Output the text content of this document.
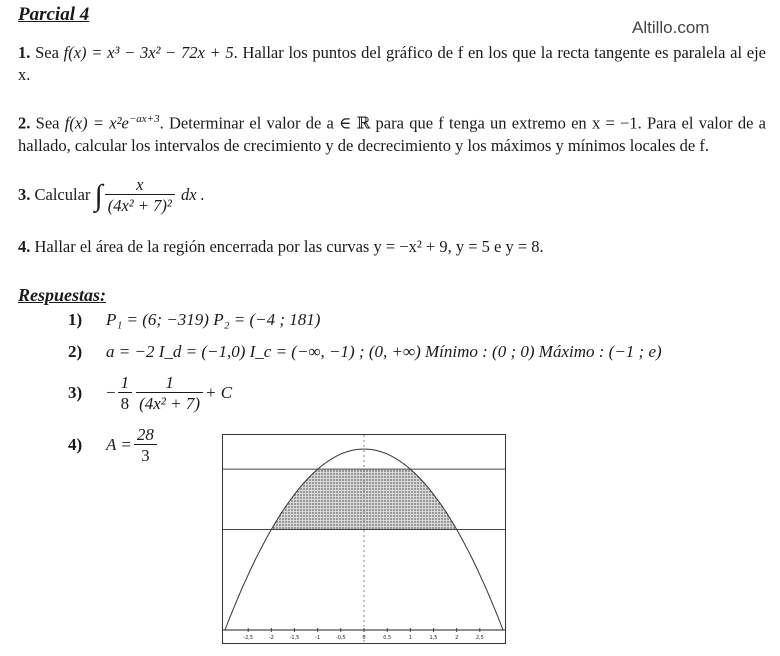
Parcial 4
Altillo.com
1. Sea f(x) = x³ − 3x² − 72x + 5. Hallar los puntos del gráfico de f en los que la recta tangente es paralela al eje x.
2. Sea $f(x) = x^2e^{-ax+3}$. Determinar el valor de a ∈ ℝ para que f tenga un extremo en x = −1. Para el valor de a hallado, calcular los intervalos de crecimiento y de decrecimiento y los máximos y mínimos locales de f.
3. Calcular ∫ $\frac{x}{\text{(4x² + 7)²}}$ dx .
4. Hallar el área de la región encerrada por las curvas y = −x² + 9, y = 5 e y = 8.
Respuestas:
1) P₁ = (6; −319) P₂ = (−4 ; 181)
2) a = −2 I_d = (−1,0) I_c = (−∞, −1) ; (0, +∞) Mínimo : (0 ; 0) Máximo : (−1 ; e)
$3) - \frac{1}{8} \frac{1}{\text{(4x² + 7)}} + C$
4) $A = \frac{28}{3}$
-2,5	-2	-1,5	-1	-0,5	0	0,5	1	1,5	2	2,5
